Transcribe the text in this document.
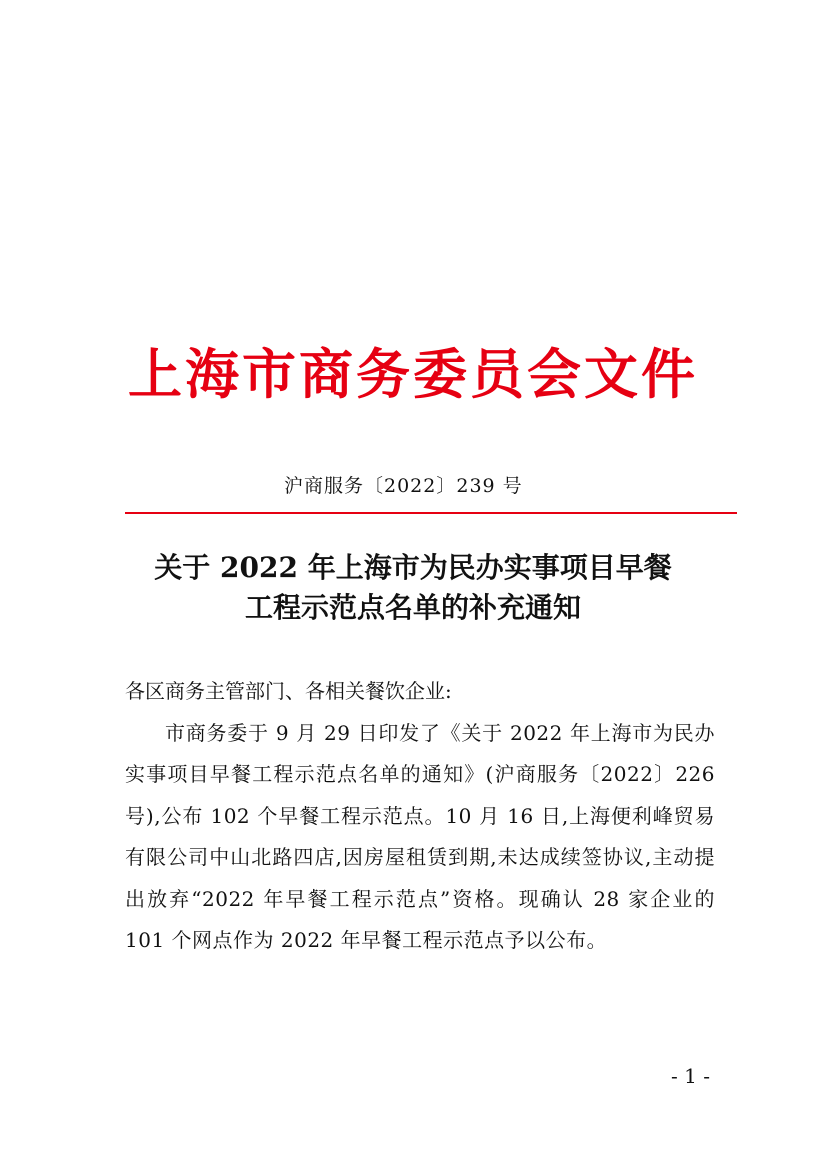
上海市商务委员会文件
沪商服务〔2022〕239 号
关于 2022 年上海市为民办实事项目早餐
工程示范点名单的补充通知
各区商务主管部门、各相关餐饮企业:
市商务委于 9 月 29 日印发了《关于 2022 年上海市为民办实事项目早餐工程示范点名单的通知》(沪商服务〔2022〕226 号),公布 102 个早餐工程示范点。10 月 16 日,上海便利峰贸易有限公司中山北路四店,因房屋租赁到期,未达成续签协议,主动提出放弃“2022 年早餐工程示范点”资格。现确认 28 家企业的 101 个网点作为 2022 年早餐工程示范点予以公布。
- 1 -
